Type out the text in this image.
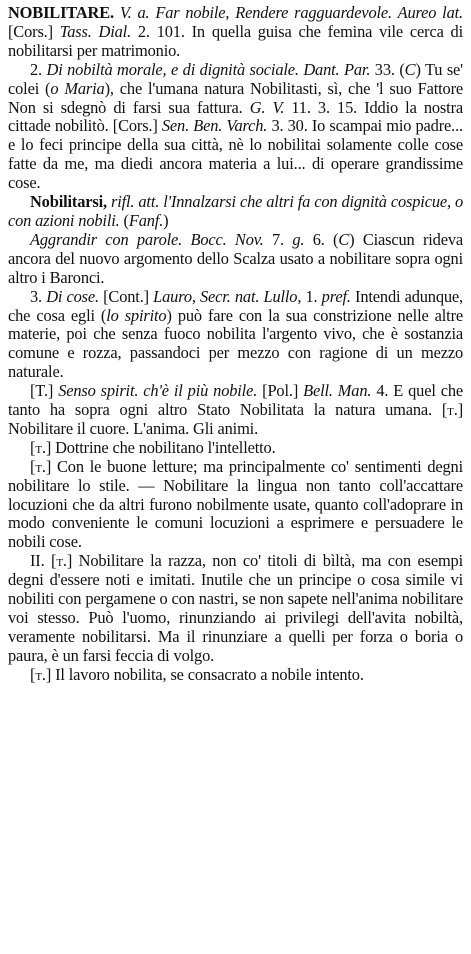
NOBILITARE. V. a. Far nobile, Rendere ragguardevole. Aureo lat. [Cors.] Tass. Dial. 2. 101. In quella guisa che femina vile cerca di nobilitarsi per matrimonio.

2. Di nobiltà morale, e di dignità sociale. Dant. Par. 33. (C) Tu se' colei (o Maria), che l'umana natura Nobilitasti, sì, che 'l suo Fattore Non si sdegnò di farsi sua fattura. G. V. 11. 3. 15. Iddio la nostra cittade nobilitò. [Cors.] Sen. Ben. Varch. 3. 30. Io scampai mio padre... e lo feci principe della sua città, nè lo nobilitai solamente colle cose fatte da me, ma diedi ancora materia a lui... di operare grandissime cose.

Nobilitarsi, rifl. att. l'Innalzarsi che altri fa con dignità cospicue, o con azioni nobili. (Fanf.)

Aggrandir con parole. Bocc. Nov. 7. g. 6. (C) Ciascun rideva ancora del nuovo argomento dello Scalza usato a nobilitare sopra ogni altro i Baronci.

3. Di cose. [Cont.] Lauro, Secr. nat. Lullo, 1. pref. Intendi adunque, che cosa egli (lo spirito) può fare con la sua constrizione nelle altre materie, poi che senza fuoco nobilita l'argento vivo, che è sostanzia comune e rozza, passandoci per mezzo con ragione di un mezzo naturale.

[T.] Senso spirit. ch'è il più nobile. [Pol.] Bell. Man. 4. E quel che tanto ha sopra ogni altro Stato Nobilitata la natura umana. [t.] Nobilitare il cuore. L'anima. Gli animi.

[t.] Dottrine che nobilitano l'intelletto.

[t.] Con le buone letture; ma principalmente co' sentimenti degni nobilitare lo stile. — Nobilitare la lingua non tanto coll'accattare locuzioni che da altri furono nobilmente usate, quanto coll'adoprare in modo conveniente le comuni locuzioni a esprimere e persuadere le nobili cose.

II. [t.] Nobilitare la razza, non co' titoli di bìltà, ma con esempi degni d'essere noti e imitati. Inutile che un principe o cosa simile vi nobiliti con pergamene o con nastri, se non sapete nell'anima nobilitare voi stesso. Può l'uomo, rinunziando ai privilegi dell'avita nobiltà, veramente nobilitarsi. Ma il rinunziare a quelli per forza o boria o paura, è un farsi feccia di volgo.

[t.] Il lavoro nobilita, se consacrato a nobile intento.
